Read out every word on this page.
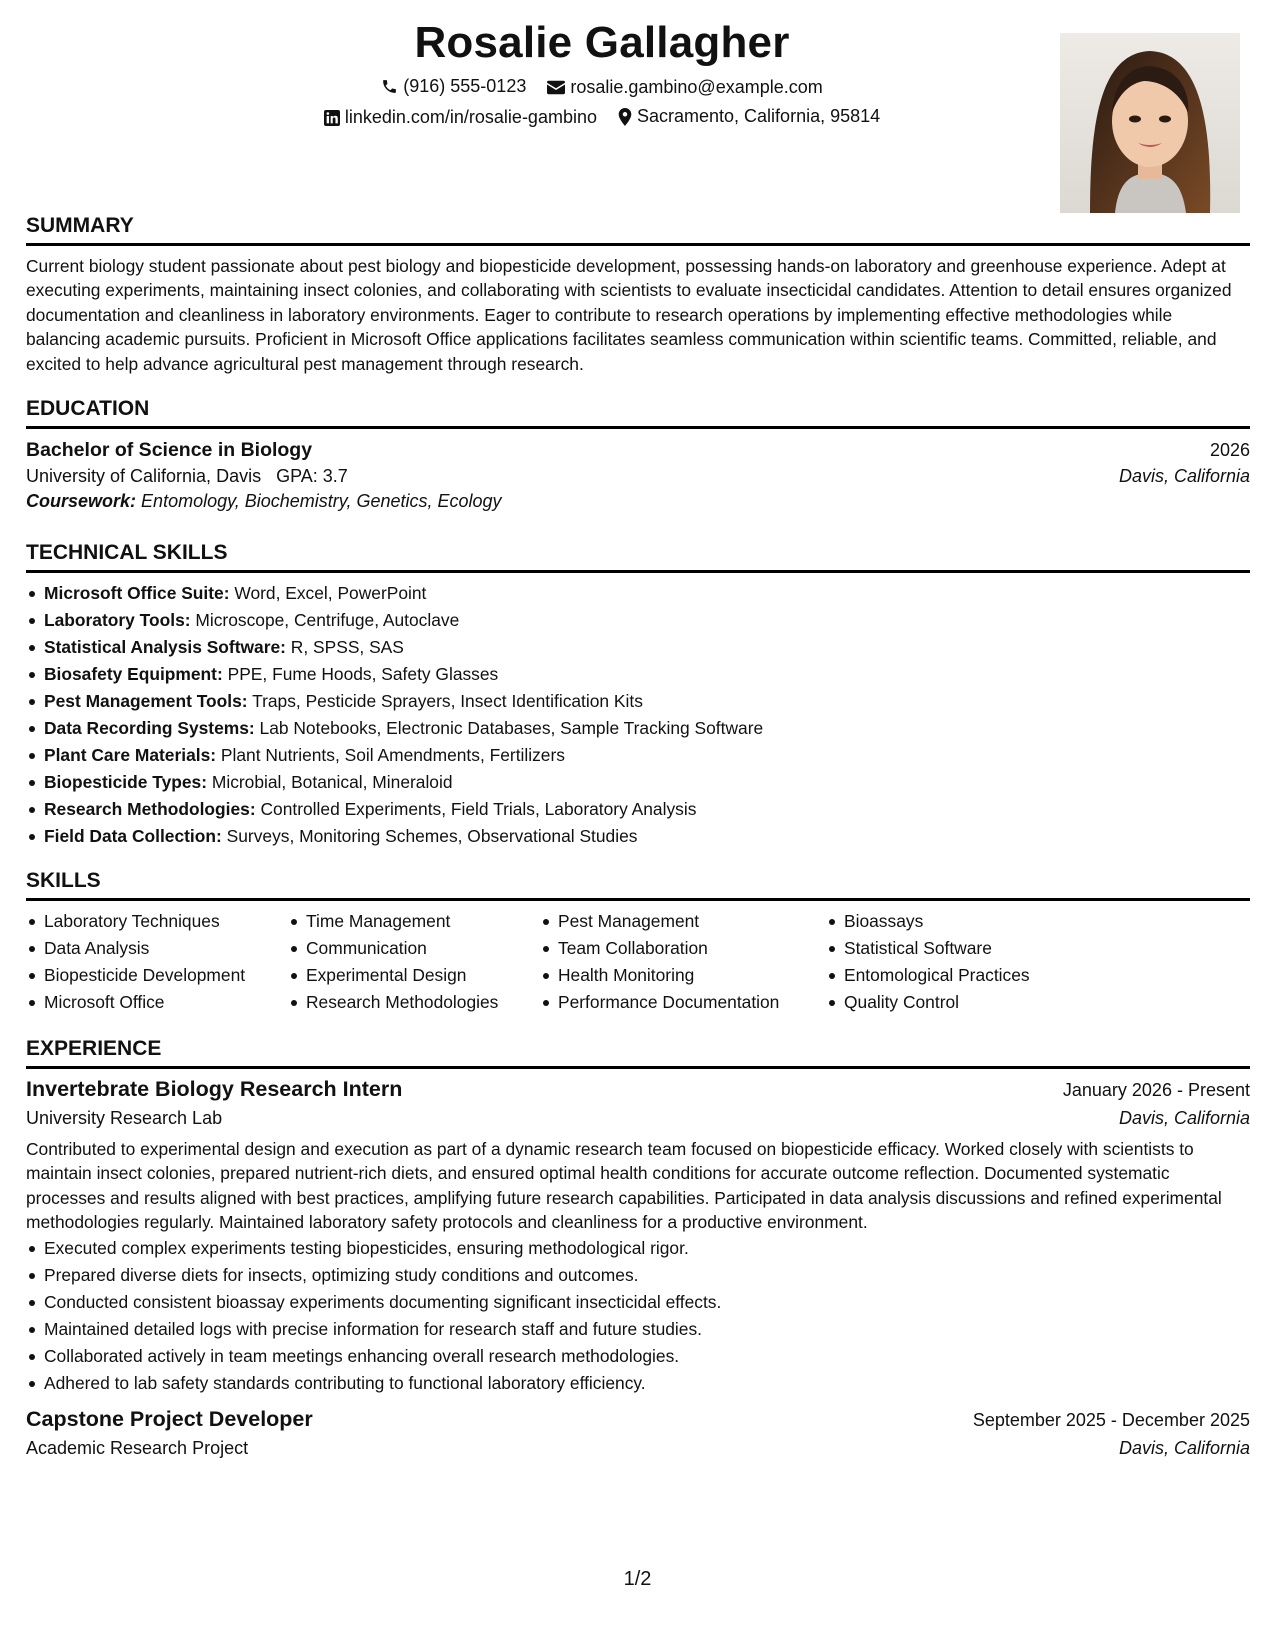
Rosalie Gallagher
(916) 555-0123
rosalie.gambino@example.com
linkedin.com/in/rosalie-gambino
Sacramento, California, 95814
SUMMARY

Current biology student passionate about pest biology and biopesticide development, possessing hands-on laboratory and greenhouse experience. Adept at executing experiments, maintaining insect colonies, and collaborating with scientists to evaluate insecticidal candidates. Attention to detail ensures organized documentation and cleanliness in laboratory environments. Eager to contribute to research operations by implementing effective methodologies while balancing academic pursuits. Proficient in Microsoft Office applications facilitates seamless communication within scientific teams. Committed, reliable, and excited to help advance agricultural pest management through research.

EDUCATION
Bachelor of Science in Biology	2026
University of California, Davis GPA: 3.7	Davis, California
Coursework: Entomology, Biochemistry, Genetics, Ecology
TECHNICAL SKILLS
Microsoft Office Suite: Word, Excel, PowerPoint
Laboratory Tools: Microscope, Centrifuge, Autoclave
Statistical Analysis Software: R, SPSS, SAS
Biosafety Equipment: PPE, Fume Hoods, Safety Glasses
Pest Management Tools: Traps, Pesticide Sprayers, Insect Identification Kits
Data Recording Systems: Lab Notebooks, Electronic Databases, Sample Tracking Software
Plant Care Materials: Plant Nutrients, Soil Amendments, Fertilizers
Biopesticide Types: Microbial, Botanical, Mineraloid
Research Methodologies: Controlled Experiments, Field Trials, Laboratory Analysis
Field Data Collection: Surveys, Monitoring Schemes, Observational Studies
SKILLS
Laboratory Techniques
Data Analysis
Biopesticide Development
Microsoft Office
Time Management
Communication
Experimental Design
Research Methodologies
Pest Management
Team Collaboration
Health Monitoring
Performance Documentation
Bioassays
Statistical Software
Entomological Practices
Quality Control
EXPERIENCE
Invertebrate Biology Research Intern	January 2026 - Present
University Research Lab	Davis, California

Contributed to experimental design and execution as part of a dynamic research team focused on biopesticide efficacy. Worked closely with scientists to maintain insect colonies, prepared nutrient-rich diets, and ensured optimal health conditions for accurate outcome reflection. Documented systematic processes and results aligned with best practices, amplifying future research capabilities. Participated in data analysis discussions and refined experimental methodologies regularly. Maintained laboratory safety protocols and cleanliness for a productive environment.

Executed complex experiments testing biopesticides, ensuring methodological rigor.
Prepared diverse diets for insects, optimizing study conditions and outcomes.
Conducted consistent bioassay experiments documenting significant insecticidal effects.
Maintained detailed logs with precise information for research staff and future studies.
Collaborated actively in team meetings enhancing overall research methodologies.
Adhered to lab safety standards contributing to functional laboratory efficiency.
Capstone Project Developer	September 2025 - December 2025
Academic Research Project	Davis, California
1/2
